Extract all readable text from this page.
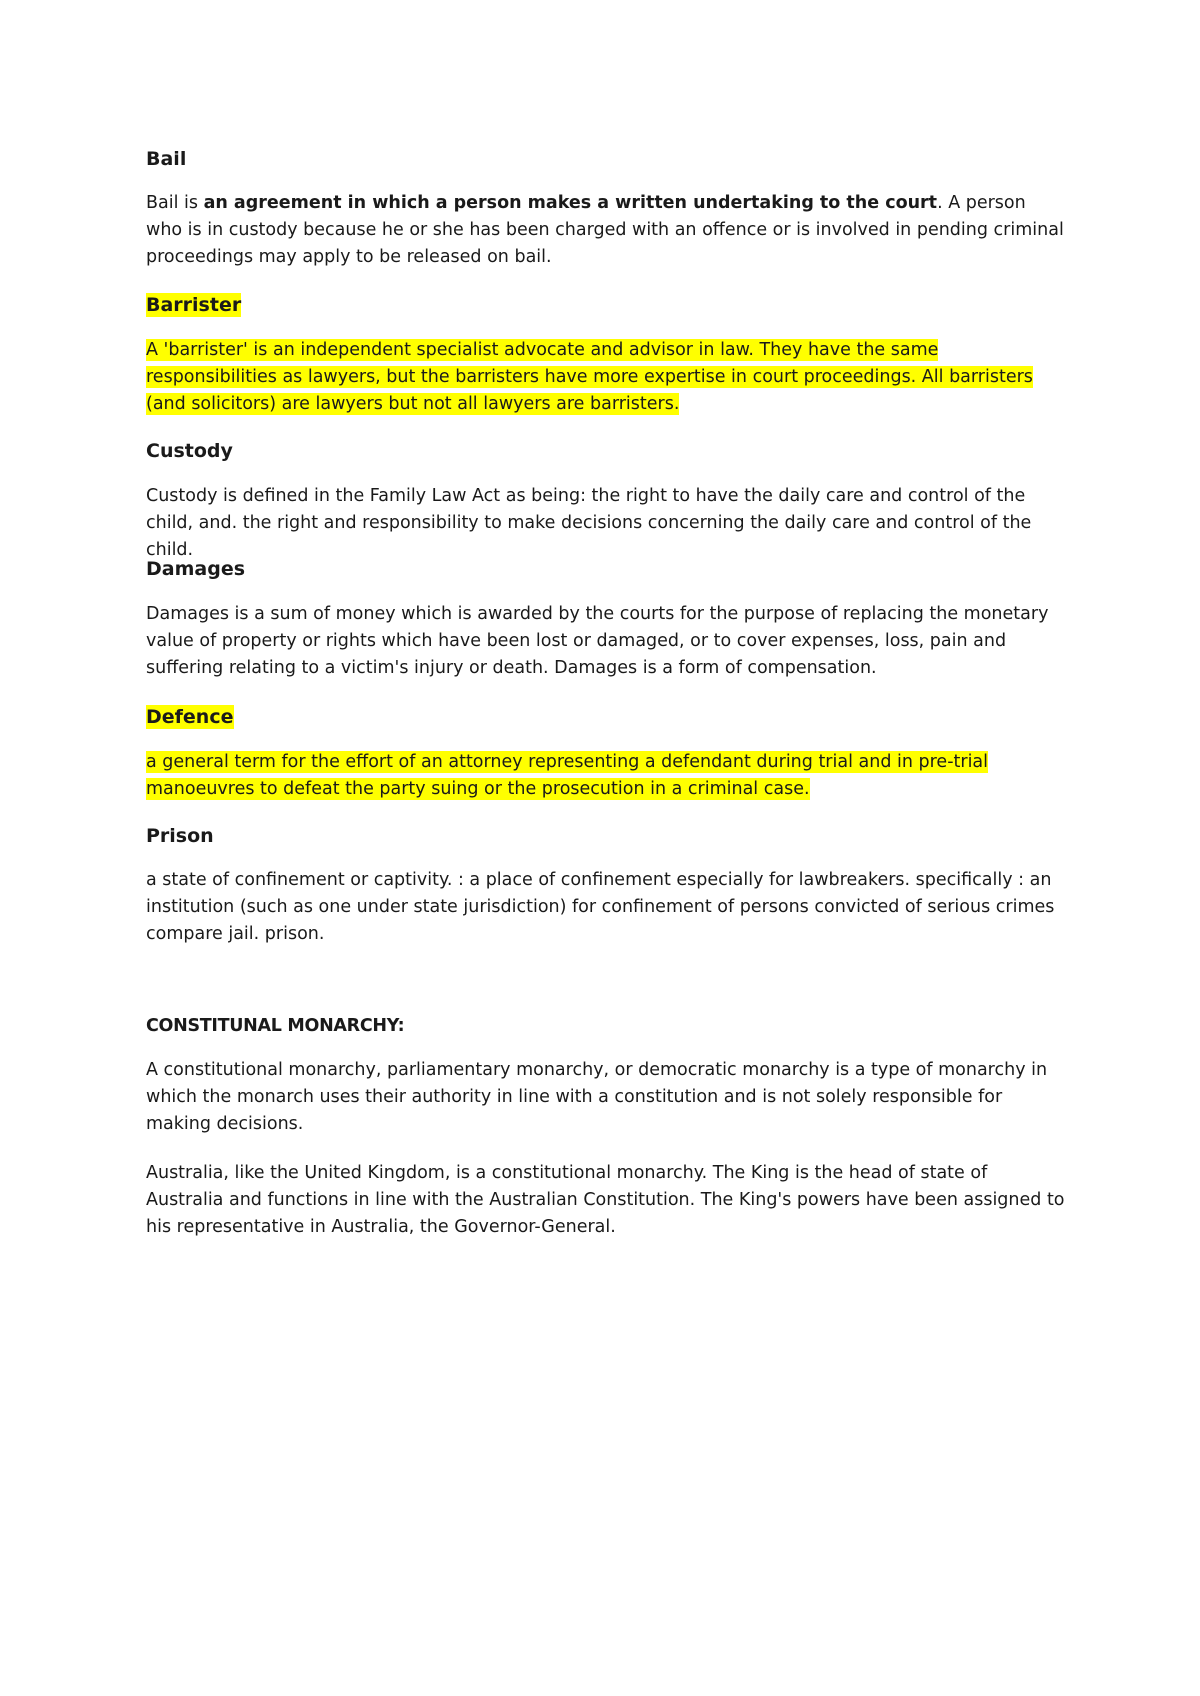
Bail

Bail is an agreement in which a person makes a written undertaking to the court. A person who is in custody because he or she has been charged with an offence or is involved in pending criminal proceedings may apply to be released on bail.

Barrister

A 'barrister' is an independent specialist advocate and advisor in law. They have the same responsibilities as lawyers, but the barristers have more expertise in court proceedings. All barristers (and solicitors) are lawyers but not all lawyers are barristers.

Custody

Custody is defined in the Family Law Act as being: the right to have the daily care and control of the child, and. the right and responsibility to make decisions concerning the daily care and control of the child.

Damages

Damages is a sum of money which is awarded by the courts for the purpose of replacing the monetary value of property or rights which have been lost or damaged, or to cover expenses, loss, pain and suffering relating to a victim's injury or death. Damages is a form of compensation.

Defence

a general term for the effort of an attorney representing a defendant during trial and in pre-trial manoeuvres to defeat the party suing or the prosecution in a criminal case.

Prison

a state of confinement or captivity. : a place of confinement especially for lawbreakers. specifically : an institution (such as one under state jurisdiction) for confinement of persons convicted of serious crimes compare jail. prison.

CONSTITUNAL MONARCHY:

A constitutional monarchy, parliamentary monarchy, or democratic monarchy is a type of monarchy in which the monarch uses their authority in line with a constitution and is not solely responsible for making decisions.

Australia, like the United Kingdom, is a constitutional monarchy. The King is the head of state of Australia and functions in line with the Australian Constitution. The King's powers have been assigned to his representative in Australia, the Governor-General.
